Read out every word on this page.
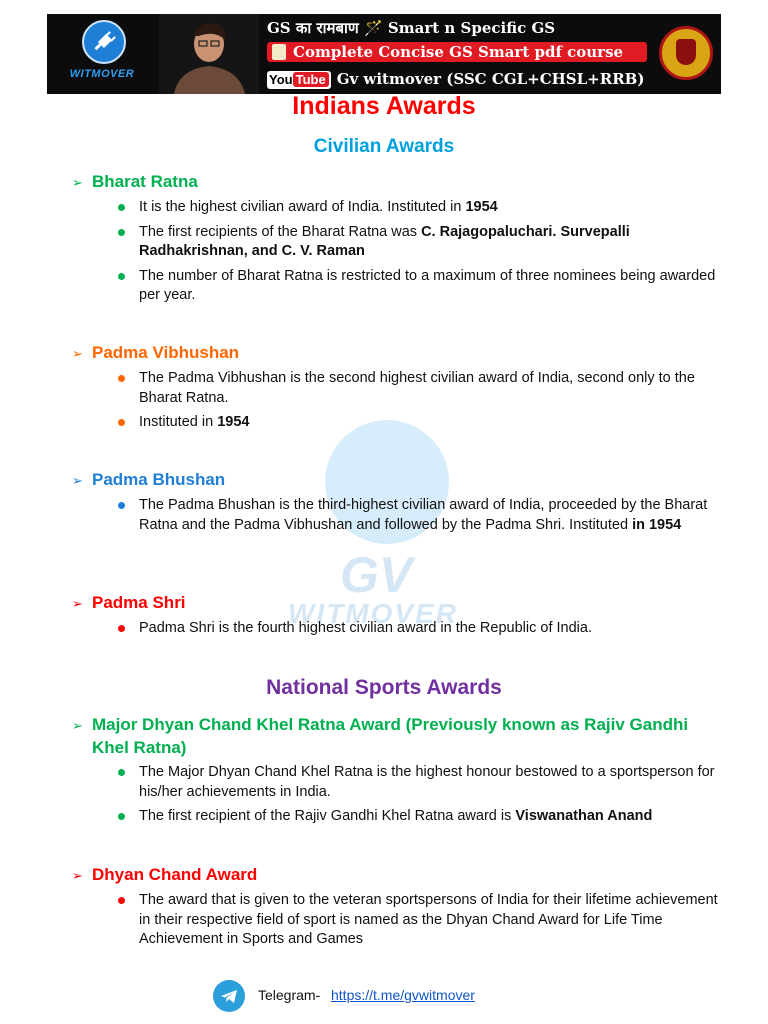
WITMOVER
GS का रामबाण 🪄 Smart n Specific GS
Complete Concise GS Smart pdf course
You Tube Gv witmover (SSC CGL+CHSL+RRB)
GV
WITMOVER
Indians Awards
Civilian Awards
➢ Bharat Ratna
It is the highest civilian award of India. Instituted in 1954
The first recipients of the Bharat Ratna was C. Rajagopaluchari. Survepalli Radhakrishnan, and C. V. Raman
The number of Bharat Ratna is restricted to a maximum of three nominees being awarded per year.
➢ Padma Vibhushan
The Padma Vibhushan is the second highest civilian award of India, second only to the Bharat Ratna.
Instituted in 1954
➢ Padma Bhushan
The Padma Bhushan is the third-highest civilian award of India, proceeded by the Bharat Ratna and the Padma Vibhushan and followed by the Padma Shri. Instituted in 1954
➢ Padma Shri
Padma Shri is the fourth highest civilian award in the Republic of India.
National Sports Awards
➢ Major Dhyan Chand Khel Ratna Award (Previously known as Rajiv Gandhi Khel Ratna)
The Major Dhyan Chand Khel Ratna is the highest honour bestowed to a sportsperson for his/her achievements in India.
The first recipient of the Rajiv Gandhi Khel Ratna award is Viswanathan Anand
➢ Dhyan Chand Award
The award that is given to the veteran sportspersons of India for their lifetime achievement in their respective field of sport is named as the Dhyan Chand Award for Life Time Achievement in Sports and Games
Telegram- https://t.me/gvwitmover
